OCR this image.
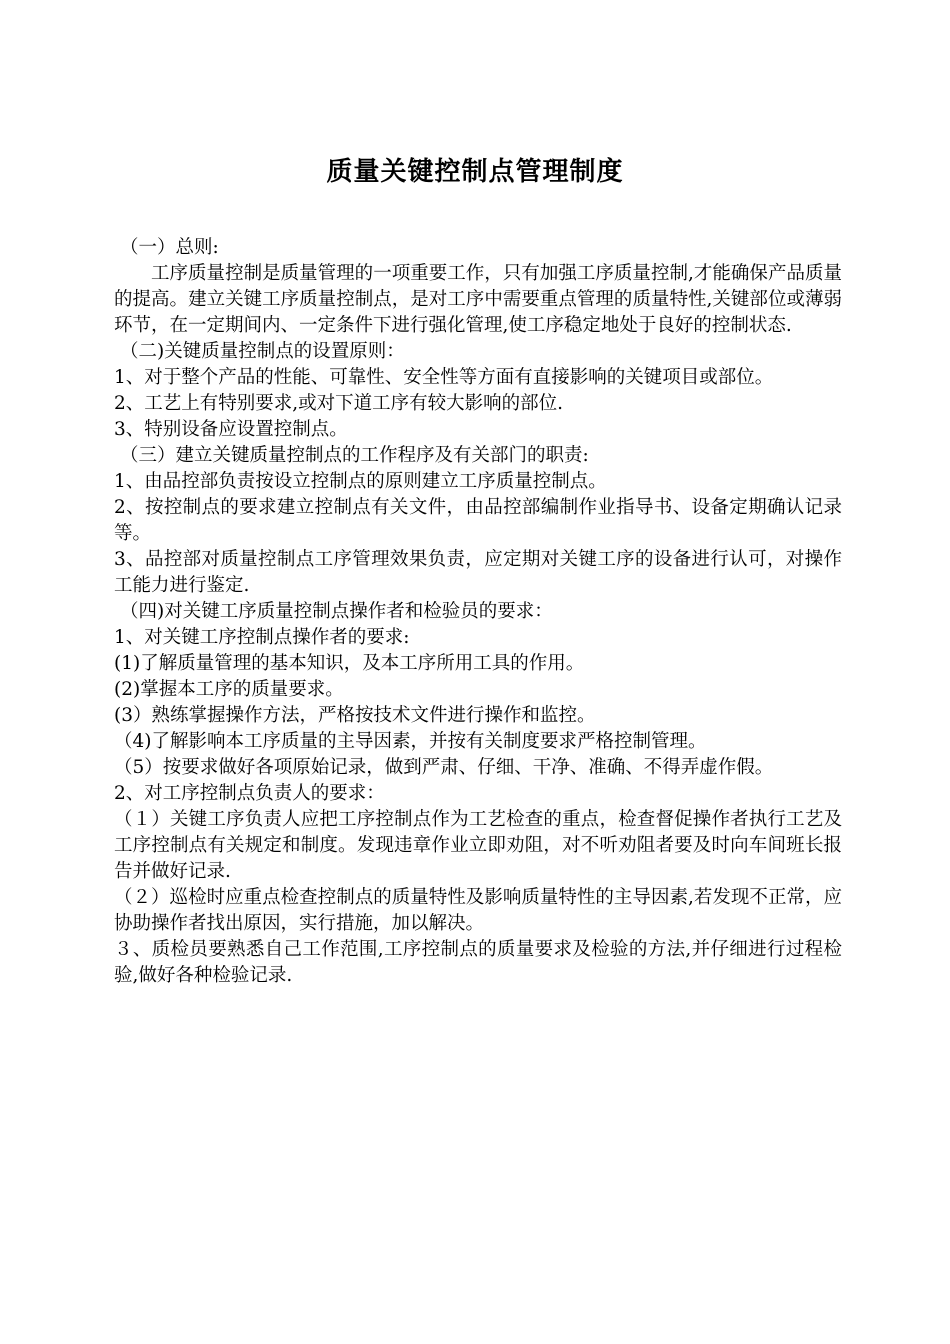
质量关键控制点管理制度

（一）总则:

工序质量控制是质量管理的一项重要工作，只有加强工序质量控制,才能确保产品质量的提高。建立关键工序质量控制点，是对工序中需要重点管理的质量特性,关键部位或薄弱环节，在一定期间内、一定条件下进行强化管理,使工序稳定地处于良好的控制状态.

（二)关键质量控制点的设置原则：

1、对于整个产品的性能、可靠性、安全性等方面有直接影响的关键项目或部位。

2、工艺上有特别要求,或对下道工序有较大影响的部位.

3、特别设备应设置控制点。

（三）建立关键质量控制点的工作程序及有关部门的职责:

1、由品控部负责按设立控制点的原则建立工序质量控制点。

2、按控制点的要求建立控制点有关文件，由品控部编制作业指导书、设备定期确认记录等。

3、品控部对质量控制点工序管理效果负责，应定期对关键工序的设备进行认可，对操作工能力进行鉴定.

（四)对关键工序质量控制点操作者和检验员的要求：

1、对关键工序控制点操作者的要求:

(1)了解质量管理的基本知识，及本工序所用工具的作用。

(2)掌握本工序的质量要求。

(3）熟练掌握操作方法，严格按技术文件进行操作和监控。

（4)了解影响本工序质量的主导因素，并按有关制度要求严格控制管理。

（5）按要求做好各项原始记录，做到严肃、仔细、干净、准确、不得弄虚作假。

2、对工序控制点负责人的要求：

（１）关键工序负责人应把工序控制点作为工艺检查的重点，检查督促操作者执行工艺及工序控制点有关规定和制度。发现违章作业立即劝阻，对不听劝阻者要及时向车间班长报告并做好记录.

（２）巡检时应重点检查控制点的质量特性及影响质量特性的主导因素,若发现不正常，应协助操作者找出原因，实行措施，加以解决。

３、质检员要熟悉自己工作范围,工序控制点的质量要求及检验的方法,并仔细进行过程检验,做好各种检验记录.
